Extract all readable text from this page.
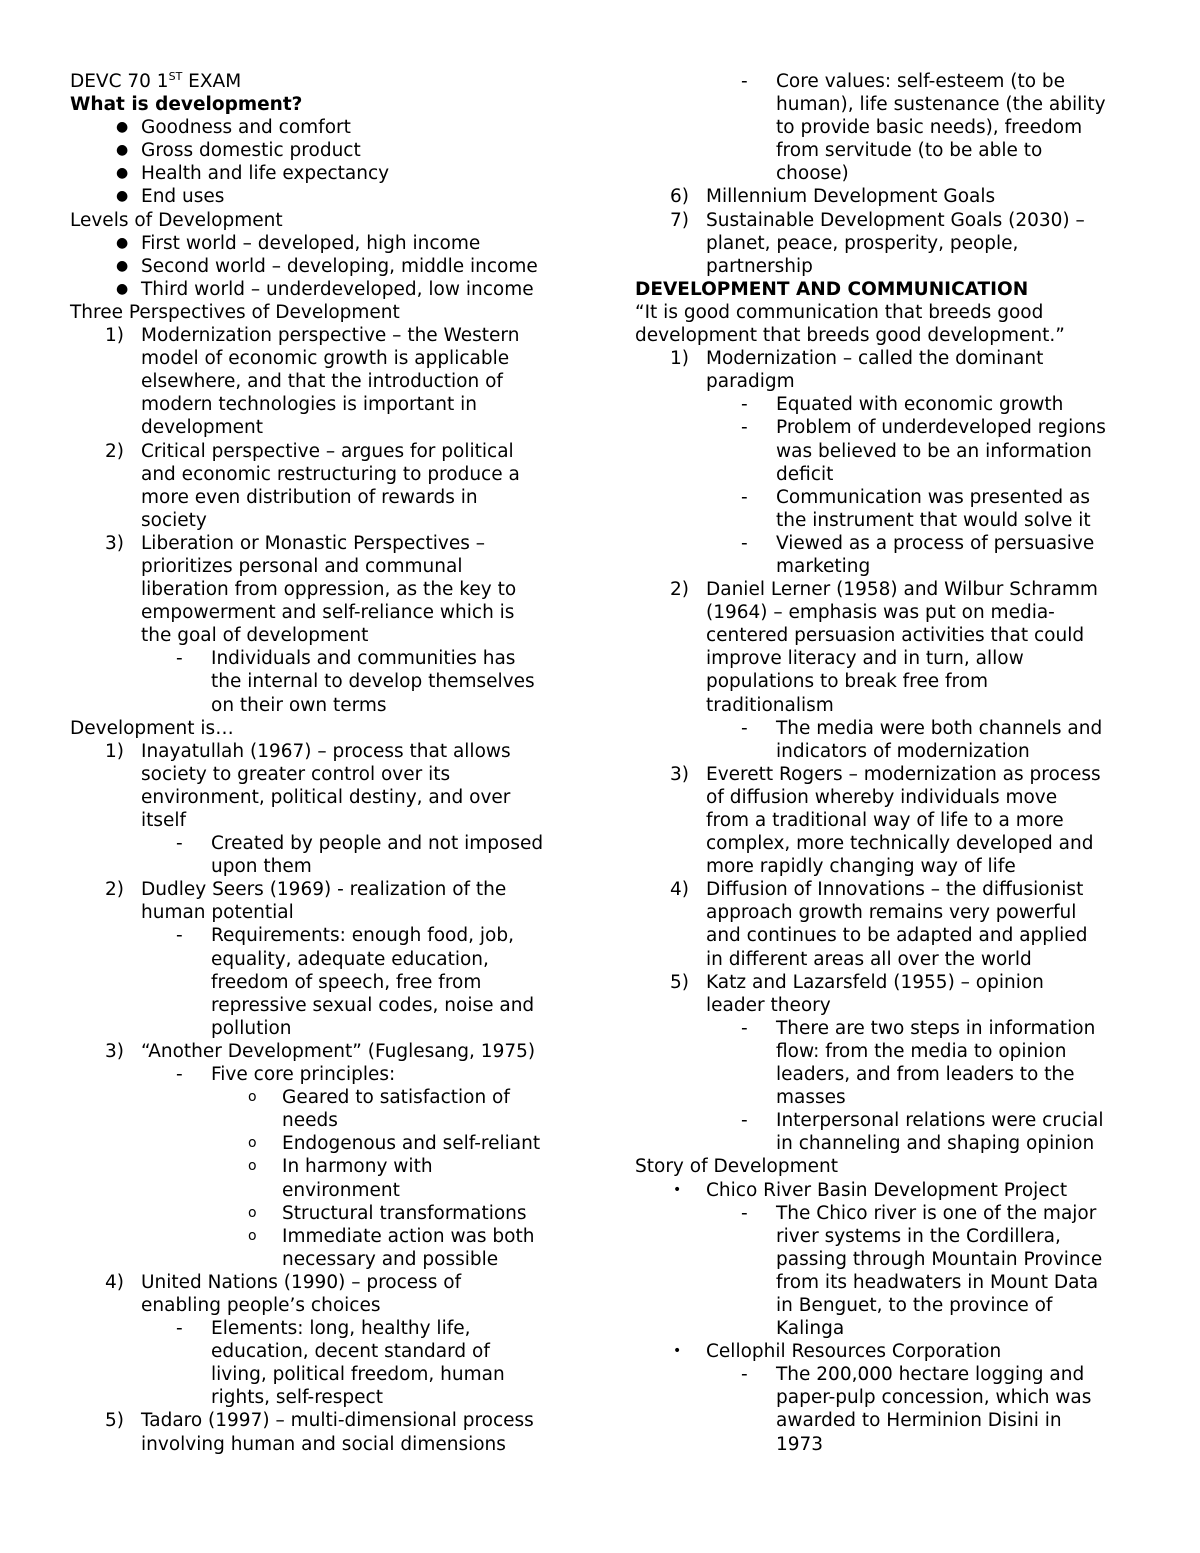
DEVC 70 1ST EXAM
What is development?
● Goodness and comfort
● Gross domestic product
● Health and life expectancy
● End uses
Levels of Development
● First world – developed, high income
● Second world – developing, middle income
● Third world – underdeveloped, low income
Three Perspectives of Development
1) Modernization perspective – the Western
model of economic growth is applicable
elsewhere, and that the introduction of
modern technologies is important in
development
2) Critical perspective – argues for political
and economic restructuring to produce a
more even distribution of rewards in
society
3) Liberation or Monastic Perspectives –
prioritizes personal and communal
liberation from oppression, as the key to
empowerment and self-reliance which is
the goal of development
- Individuals and communities has
the internal to develop themselves
on their own terms
Development is…
1) Inayatullah (1967) – process that allows
society to greater control over its
environment, political destiny, and over
itself
- Created by people and not imposed
upon them
2) Dudley Seers (1969) - realization of the
human potential
- Requirements: enough food, job,
equality, adequate education,
freedom of speech, free from
repressive sexual codes, noise and
pollution
3) “Another Development” (Fuglesang, 1975)
- Five core principles:
o Geared to satisfaction of
needs
o Endogenous and self-reliant
o In harmony with
environment
o Structural transformations
o Immediate action was both
necessary and possible
4) United Nations (1990) – process of
enabling people’s choices
- Elements: long, healthy life,
education, decent standard of
living, political freedom, human
rights, self-respect
5) Tadaro (1997) – multi-dimensional process
involving human and social dimensions
- Core values: self-esteem (to be
human), life sustenance (the ability
to provide basic needs), freedom
from servitude (to be able to
choose)
6) Millennium Development Goals
7) Sustainable Development Goals (2030) –
planet, peace, prosperity, people,
partnership
DEVELOPMENT AND COMMUNICATION
“It is good communication that breeds good
development that breeds good development.”
1) Modernization – called the dominant
paradigm
- Equated with economic growth
- Problem of underdeveloped regions
was believed to be an information
deficit
- Communication was presented as
the instrument that would solve it
- Viewed as a process of persuasive
marketing
2) Daniel Lerner (1958) and Wilbur Schramm
(1964) – emphasis was put on media-
centered persuasion activities that could
improve literacy and in turn, allow
populations to break free from
traditionalism
- The media were both channels and
indicators of modernization
3) Everett Rogers – modernization as process
of diffusion whereby individuals move
from a traditional way of life to a more
complex, more technically developed and
more rapidly changing way of life
4) Diffusion of Innovations – the diffusionist
approach growth remains very powerful
and continues to be adapted and applied
in different areas all over the world
5) Katz and Lazarsfeld (1955) – opinion
leader theory
- There are two steps in information
flow: from the media to opinion
leaders, and from leaders to the
masses
- Interpersonal relations were crucial
in channeling and shaping opinion
Story of Development
• Chico River Basin Development Project
- The Chico river is one of the major
river systems in the Cordillera,
passing through Mountain Province
from its headwaters in Mount Data
in Benguet, to the province of
Kalinga
• Cellophil Resources Corporation
- The 200,000 hectare logging and
paper-pulp concession, which was
awarded to Herminion Disini in
1973
